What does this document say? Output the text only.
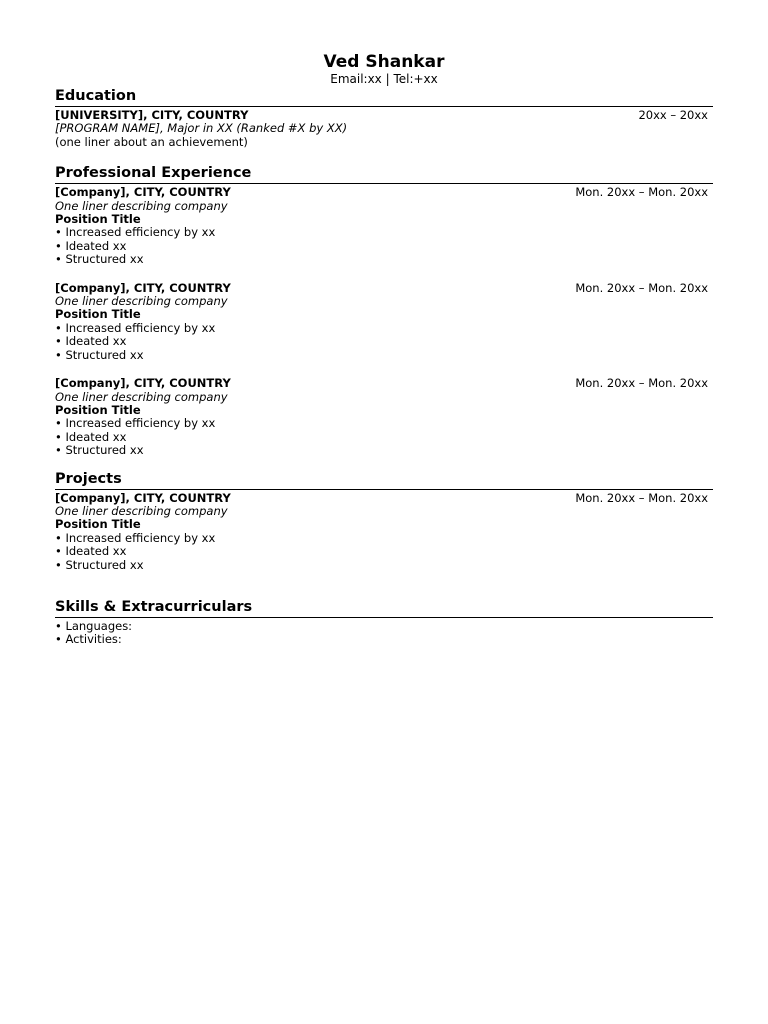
Ved Shankar

Email:xx | Tel:+xx

Education
[UNIVERSITY], CITY, COUNTRY	20xx – 20xx

[PROGRAM NAME], Major in XX (Ranked #X by XX)

(one liner about an achievement)

Professional Experience
[Company], CITY, COUNTRY	Mon. 20xx – Mon. 20xx

One liner describing company

Position Title

• Increased efficiency by xx

• Ideated xx

• Structured xx

[Company], CITY, COUNTRY	Mon. 20xx – Mon. 20xx

One liner describing company

Position Title

• Increased efficiency by xx

• Ideated xx

• Structured xx

[Company], CITY, COUNTRY	Mon. 20xx – Mon. 20xx

One liner describing company

Position Title

• Increased efficiency by xx

• Ideated xx

• Structured xx

Projects
[Company], CITY, COUNTRY	Mon. 20xx – Mon. 20xx

One liner describing company

Position Title

• Increased efficiency by xx

• Ideated xx

• Structured xx

Skills & Extracurriculars

• Languages:

• Activities:
